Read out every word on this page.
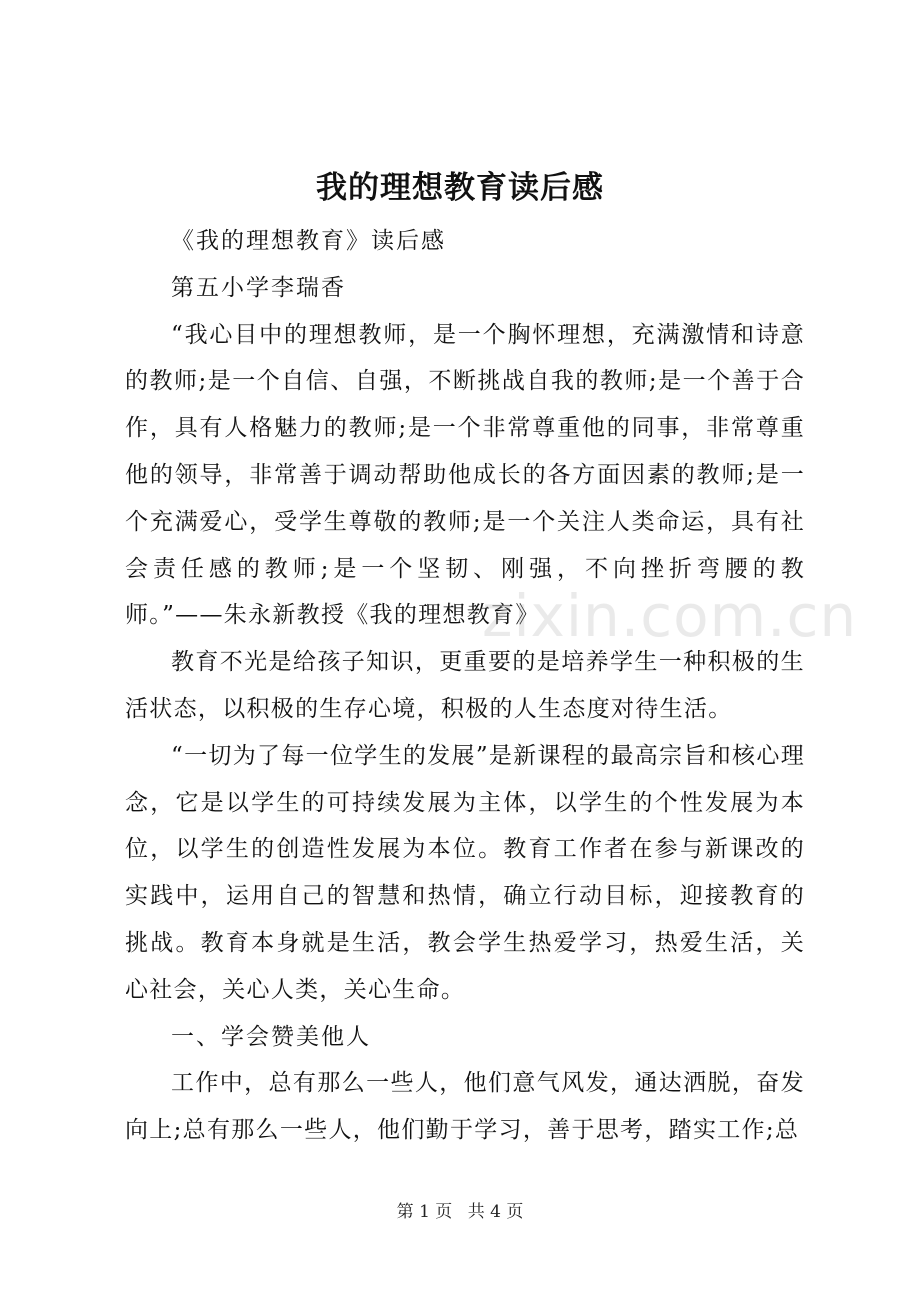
我的理想教育读后感

《我的理想教育》读后感

第五小学李瑞香

“我心目中的理想教师，是一个胸怀理想，充满激情和诗意的教师;是一个自信、自强，不断挑战自我的教师;是一个善于合作，具有人格魅力的教师;是一个非常尊重他的同事，非常尊重他的领导，非常善于调动帮助他成长的各方面因素的教师;是一个充满爱心，受学生尊敬的教师;是一个关注人类命运，具有社会责任感的教师;是一个坚韧、刚强，不向挫折弯腰的教师。”——朱永新教授《我的理想教育》

教育不光是给孩子知识，更重要的是培养学生一种积极的生活状态，以积极的生存心境，积极的人生态度对待生活。

“一切为了每一位学生的发展”是新课程的最高宗旨和核心理念，它是以学生的可持续发展为主体，以学生的个性发展为本位，以学生的创造性发展为本位。教育工作者在参与新课改的实践中，运用自己的智慧和热情，确立行动目标，迎接教育的挑战。教育本身就是生活，教会学生热爱学习，热爱生活，关心社会，关心人类，关心生命。

一、学会赞美他人

工作中，总有那么一些人，他们意气风发，通达洒脱，奋发向上;总有那么一些人，他们勤于学习，善于思考，踏实工作;总

zixin.com.cn
第 1 页 共 4 页
